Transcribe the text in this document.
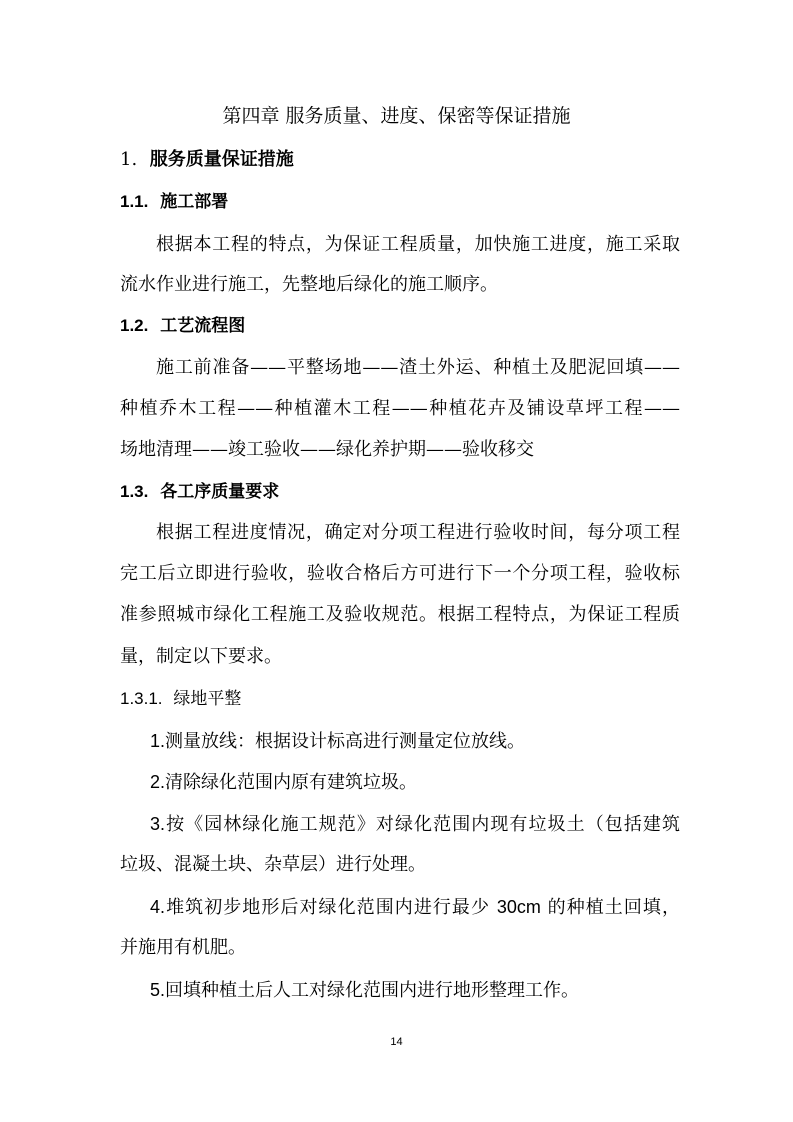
第四章 服务质量、进度、保密等保证措施
1. 服务质量保证措施
1.1. 施工部署
根据本工程的特点，为保证工程质量，加快施工进度，施工采取
流水作业进行施工，先整地后绿化的施工顺序。
1.2. 工艺流程图
施工前准备——平整场地——渣土外运、种植土及肥泥回填——
种植乔木工程——种植灌木工程——种植花卉及铺设草坪工程——
场地清理——竣工验收——绿化养护期——验收移交
1.3. 各工序质量要求
根据工程进度情况，确定对分项工程进行验收时间，每分项工程
完工后立即进行验收，验收合格后方可进行下一个分项工程，验收标
准参照城市绿化工程施工及验收规范。根据工程特点，为保证工程质
量，制定以下要求。
1.3.1. 绿地平整
1.测量放线：根据设计标高进行测量定位放线。
2.清除绿化范围内原有建筑垃圾。
3.按《园林绿化施工规范》对绿化范围内现有垃圾土（包括建筑
垃圾、混凝土块、杂草层）进行处理。
4.堆筑初步地形后对绿化范围内进行最少 30cm 的种植土回填，
并施用有机肥。
5.回填种植土后人工对绿化范围内进行地形整理工作。
14
